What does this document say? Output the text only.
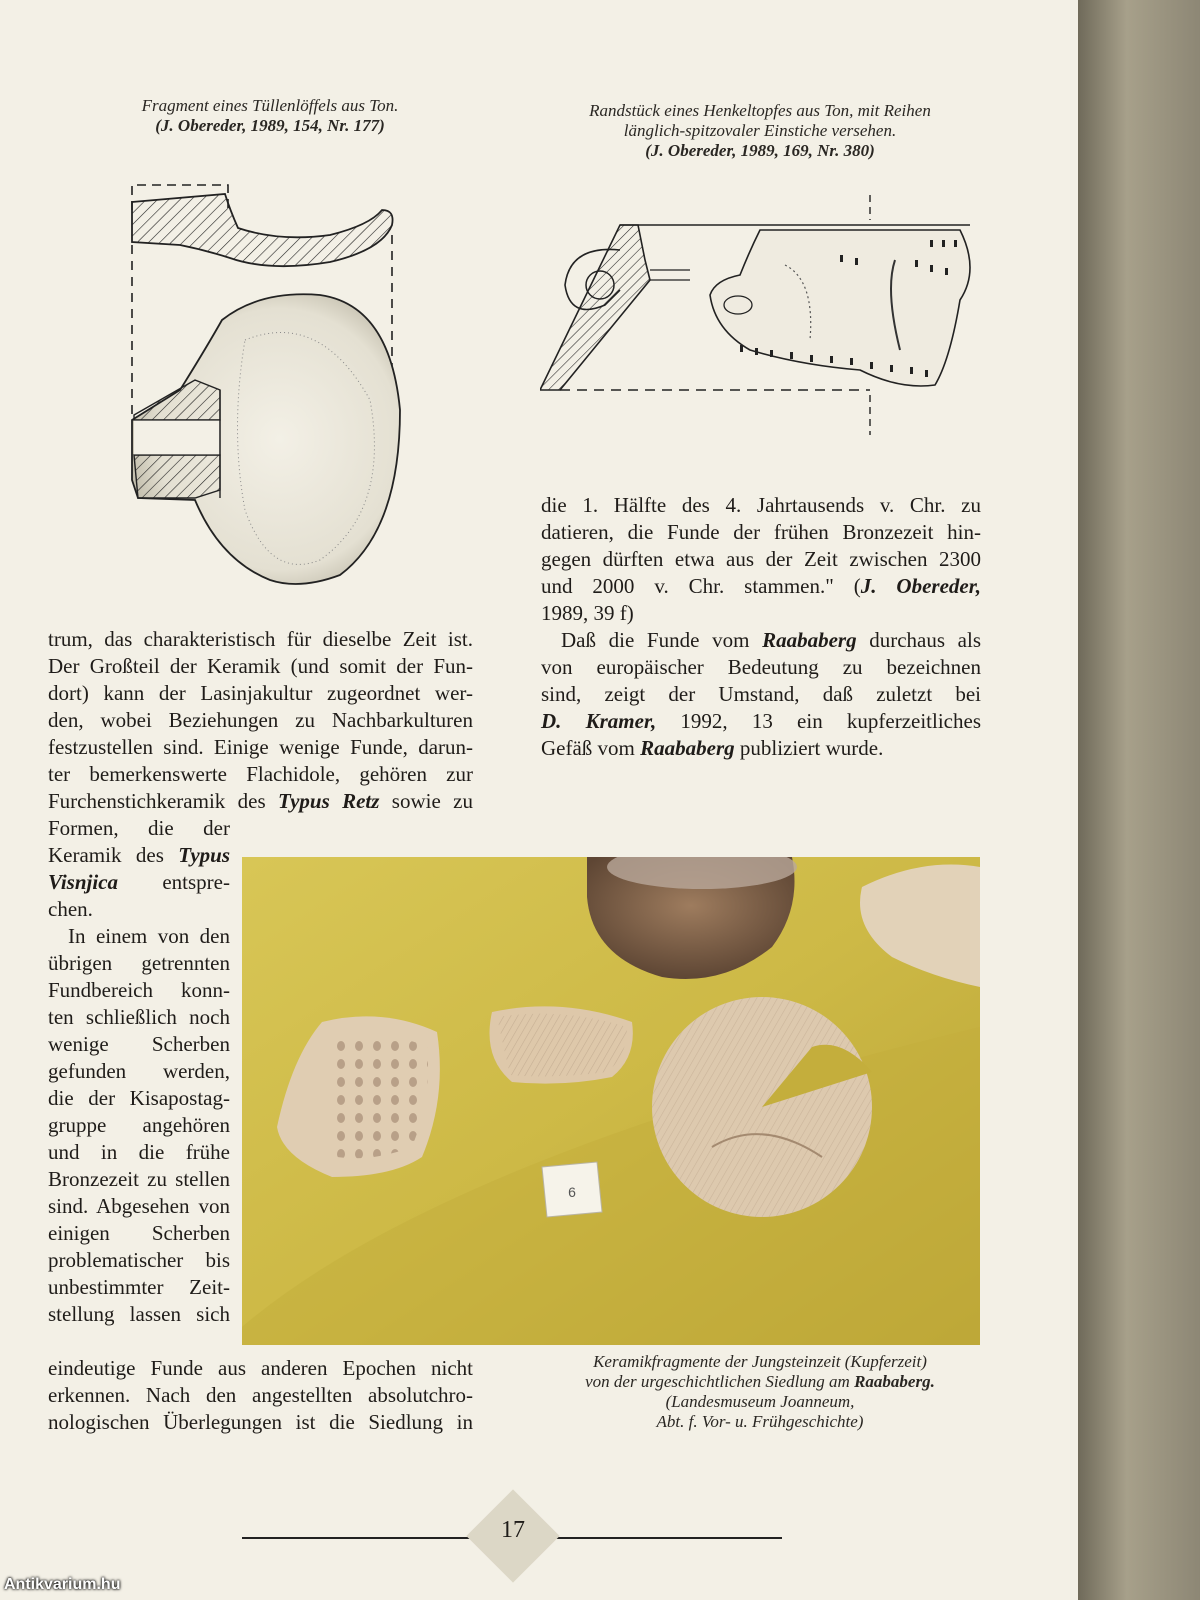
Fragment eines Tüllenlöffels aus Ton.
(J. Obereder, 1989, 154, Nr. 177)
Randstück eines Henkeltopfes aus Ton, mit Reihen
länglich-spitzovaler Einstiche versehen.
(J. Obereder, 1989, 169, Nr. 380)
die 1. Hälfte des 4. Jahrtausends v. Chr. zu
datieren, die Funde der frühen Bronzezeit hin-
gegen dürften etwa aus der Zeit zwischen 2300
und 2000 v. Chr. stammen." (J. Obereder,
1989, 39 f)
Daß die Funde vom Raababerg durchaus als
von europäischer Bedeutung zu bezeichnen
sind, zeigt der Umstand, daß zuletzt bei
D. Kramer, 1992, 13 ein kupferzeitliches
Gefäß vom Raababerg publiziert wurde.
trum, das charakteristisch für dieselbe Zeit ist.
Der Großteil der Keramik (und somit der Fun-
dort) kann der Lasinjakultur zugeordnet wer-
den, wobei Beziehungen zu Nachbarkulturen
festzustellen sind. Einige wenige Funde, darun-
ter bemerkenswerte Flachidole, gehören zur
Furchenstichkeramik des Typus Retz sowie zu
Formen, die der
Keramik des Typus
Visnjica entspre-
chen.
In einem von den
übrigen getrennten
Fundbereich konn-
ten schließlich noch
wenige Scherben
gefunden werden,
die der Kisapostag-
gruppe angehören
und in die frühe
Bronzezeit zu stellen
sind. Abgesehen von
einigen Scherben
problematischer bis
unbestimmter Zeit-
stellung lassen sich
eindeutige Funde aus anderen Epochen nicht
erkennen. Nach den angestellten absolutchro-
nologischen Überlegungen ist die Siedlung in
6
Keramikfragmente der Jungsteinzeit (Kupferzeit)
von der urgeschichtlichen Siedlung am Raababerg.
(Landesmuseum Joanneum,
Abt. f. Vor- u. Frühgeschichte)
17
Antikvarium.hu
